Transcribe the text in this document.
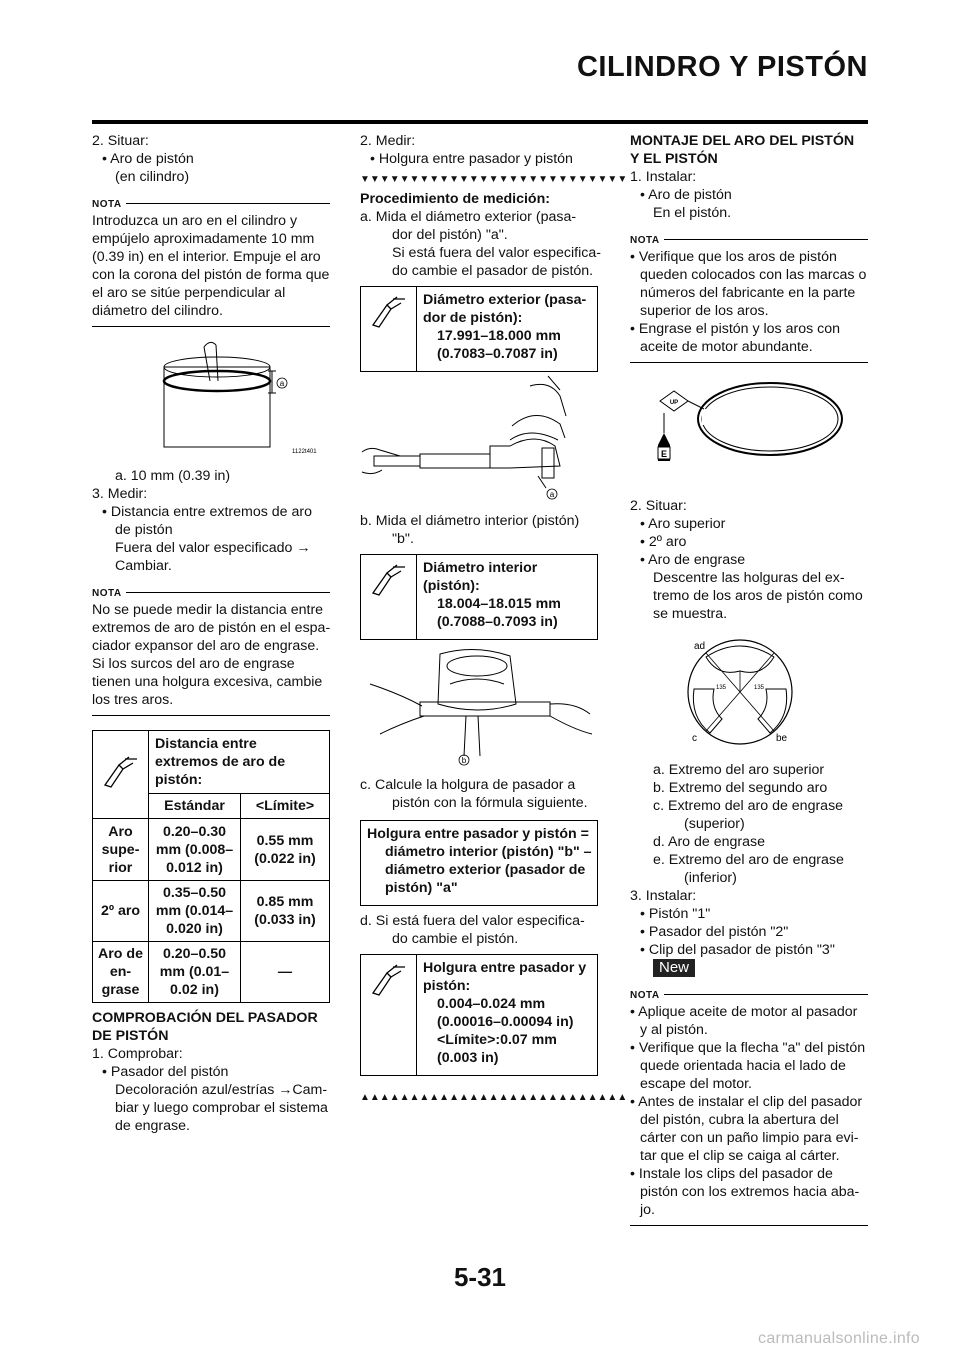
CILINDRO Y PISTÓN
2. Situar:
• Aro de pistón
(en cilindro)
NOTA
Introduzca un aro en el cilindro y
empújelo aproximadamente 10 mm
(0.39 in) en el interior. Empuje el aro
con la corona del pistón de forma que
el aro se sitúe perpendicular al
diámetro del cilindro.
a
1122t401
a. 10 mm (0.39 in)
3. Medir:
• Distancia entre extremos de aro
de pistón
Fuera del valor especificado →
Cambiar.
NOTA
No se puede medir la distancia entre
extremos de aro de pistón en el espa-
ciador expansor del aro de engrase.
Si los surcos del aro de engrase
tienen una holgura excesiva, cambie
los tres aros.
	Distancia entre extremos de aro de pistón:	
	Estándar	<Límite>
Aro supe- rior	0.20–0.30 mm (0.008– 0.012 in)	0.55 mm (0.022 in)
2º aro	0.35–0.50 mm (0.014– 0.020 in)	0.85 mm (0.033 in)
Aro de en- grase	0.20–0.50 mm (0.01– 0.02 in)	—
COMPROBACIÓN DEL PASADOR
DE PISTÓN
1. Comprobar:
• Pasador del pistón
Decoloración azul/estrías →Cam-
biar y luego comprobar el sistema
de engrase.
2. Medir:
• Holgura entre pasador y pistón
▼▼▼▼▼▼▼▼▼▼▼▼▼▼▼▼▼▼▼▼▼▼▼▼▼▼▼
Procedimiento de medición:
a. Mida el diámetro exterior (pasa-
dor del pistón) "a".
Si está fuera del valor especifica-
do cambie el pasador de pistón.
Diámetro exterior (pasa-
dor de pistón):
17.991–18.000 mm
(0.7083–0.7087 in)
a
b. Mida el diámetro interior (pistón)
"b".
Diámetro interior
(pistón):
18.004–18.015 mm
(0.7088–0.7093 in)
b
c. Calcule la holgura de pasador a
pistón con la fórmula siguiente.
Holgura entre pasador y pistón =
diámetro interior (pistón) "b" –
diámetro exterior (pasador de
pistón) "a"
d. Si está fuera del valor especifica-
do cambie el pistón.
Holgura entre pasador y
pistón:
0.004–0.024 mm
(0.00016–0.00094 in)
<Límite>:0.07 mm
(0.003 in)
▲▲▲▲▲▲▲▲▲▲▲▲▲▲▲▲▲▲▲▲▲▲▲▲▲▲▲
MONTAJE DEL ARO DEL PISTÓN
Y EL PISTÓN
1. Instalar:
• Aro de pistón
En el pistón.
NOTA
• Verifique que los aros de pistón
queden colocados con las marcas o
números del fabricante en la parte
superior de los aros.
• Engrase el pistón y los aros con
aceite de motor abundante.
UP
E
2. Situar:
• Aro superior
• 2º aro
• Aro de engrase
Descentre las holguras del ex-
tremo de los aros de pistón como
se muestra.
135	135
ad
c	be
a. Extremo del aro superior
b. Extremo del segundo aro
c. Extremo del aro de engrase
(superior)
d. Aro de engrase
e. Extremo del aro de engrase
(inferior)
3. Instalar:
• Pistón "1"
• Pasador del pistón "2"
• Clip del pasador de pistón "3"
New
NOTA
• Aplique aceite de motor al pasador
y al pistón.
• Verifique que la flecha "a" del pistón
quede orientada hacia el lado de
escape del motor.
• Antes de instalar el clip del pasador
del pistón, cubra la abertura del
cárter con un paño limpio para evi-
tar que el clip se caiga al cárter.
• Instale los clips del pasador de
pistón con los extremos hacia aba-
jo.
5-31
carmanualsonline.info
